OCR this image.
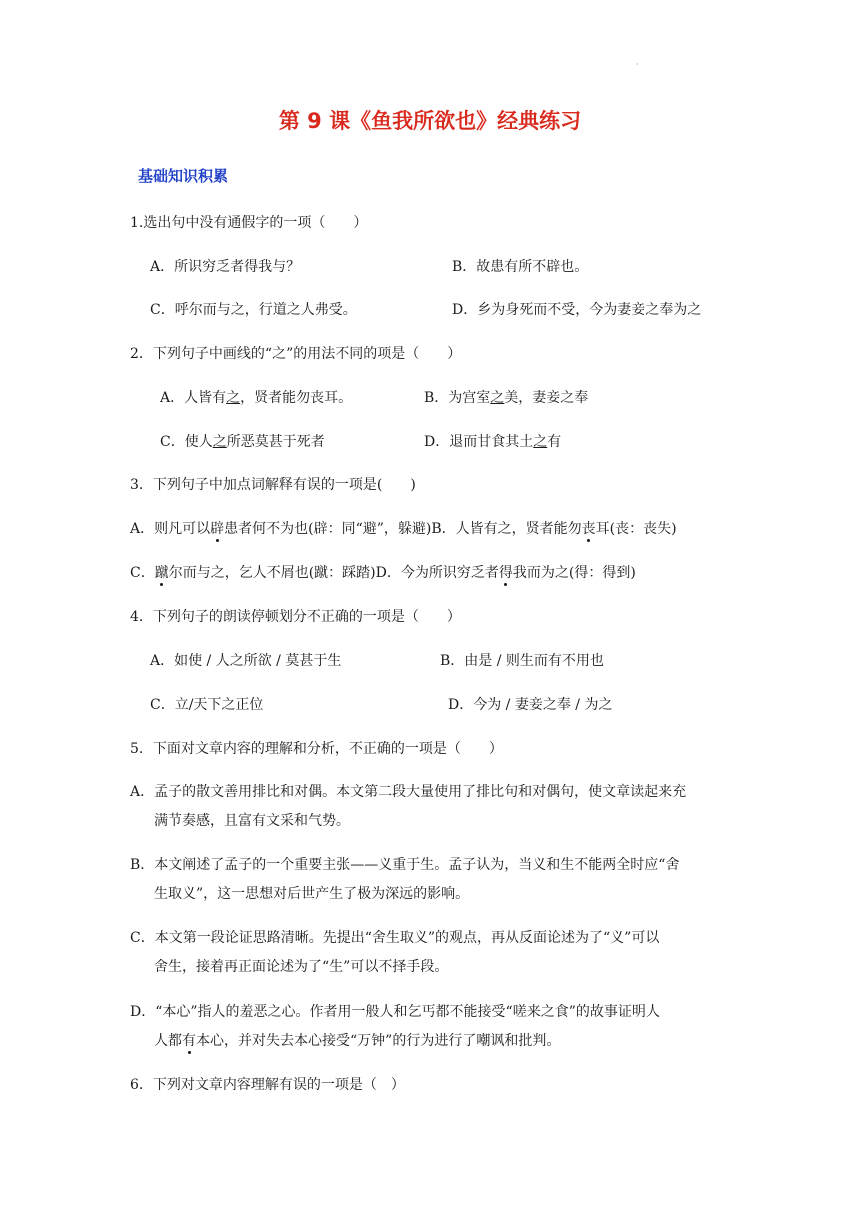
·
第 9 课《鱼我所欲也》经典练习
基础知识积累
1.选出句中没有通假字的一项（　　）
A．所识穷乏者得我与？	B．故患有所不辟也。
C．呼尔而与之，行道之人弗受。	D．乡为身死而不受，今为妻妾之奉为之
2．下列句子中画线的“之”的用法不同的项是（　　）
A．人皆有之，贤者能勿丧耳。	B．为宫室之美，妻妾之奉
C．使人之所恶莫甚于死者	D．退而甘食其土之有
3．下列句子中加点词解释有误的一项是(　　)
A．则凡可以辟患者何不为也(辟：同“避”，躲避)B．人皆有之，贤者能勿丧耳(丧：丧失)
C．蹴尔而与之，乞人不屑也(蹴：踩踏)D．今为所识穷乏者得我而为之(得：得到)
4．下列句子的朗读停顿划分不正确的一项是（　　）
A．如使 / 人之所欲 / 莫甚于生	B．由是 / 则生而有不用也
C．立/天下之正位	D．今为 / 妻妾之奉 / 为之
5．下面对文章内容的理解和分析，不正确的一项是（　　）
A．孟子的散文善用排比和对偶。本文第二段大量使用了排比句和对偶句，使文章读起来充
满节奏感，且富有文采和气势。
B．本文阐述了孟子的一个重要主张——义重于生。孟子认为，当义和生不能两全时应“舍
生取义”，这一思想对后世产生了极为深远的影响。
C．本文第一段论证思路清晰。先提出“舍生取义”的观点，再从反面论述为了“义”可以
舍生，接着再正面论述为了“生”可以不择手段。
D．“本心”指人的羞恶之心。作者用一般人和乞丐都不能接受“嗟来之食”的故事证明人
人都有本心，并对失去本心接受“万钟”的行为进行了嘲讽和批判。
6．下列对文章内容理解有误的一项是（　）
